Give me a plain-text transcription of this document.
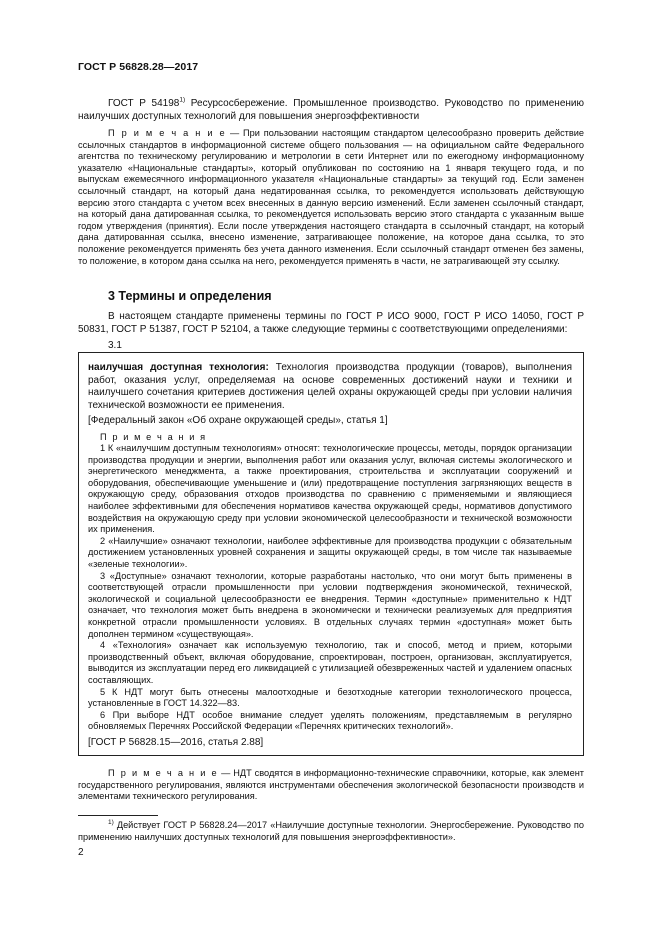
ГОСТ Р 56828.28—2017

ГОСТ Р 54198$^{1)}$ Ресурсосбережение. Промышленное производство. Руководство по применению наилучших доступных технологий для повышения энергоэффективности

П р и м е ч а н и е — При пользовании настоящим стандартом целесообразно проверить действие ссылочных стандартов в информационной системе общего пользования — на официальном сайте Федерального агентства по техническому регулированию и метрологии в сети Интернет или по ежегодному информационному указателю «Национальные стандарты», который опубликован по состоянию на 1 января текущего года, и по выпускам ежемесячного информационного указателя «Национальные стандарты» за текущий год. Если заменен ссылочный стандарт, на который дана недатированная ссылка, то рекомендуется использовать действующую версию этого стандарта с учетом всех внесенных в данную версию изменений. Если заменен ссылочный стандарт, на который дана датированная ссылка, то рекомендуется использовать версию этого стандарта с указанным выше годом утверждения (принятия). Если после утверждения настоящего стандарта в ссылочный стандарт, на который дана датированная ссылка, внесено изменение, затрагивающее положение, на которое дана ссылка, то это положение рекомендуется применять без учета данного изменения. Если ссылочный стандарт отменен без замены, то положение, в котором дана ссылка на него, рекомендуется применять в части, не затрагивающей эту ссылку.

3 Термины и определения

В настоящем стандарте применены термины по ГОСТ Р ИСО 9000, ГОСТ Р ИСО 14050, ГОСТ Р 50831, ГОСТ Р 51387, ГОСТ Р 52104, а также следующие термины с соответствующими определениями:

3.1

наилучшая доступная технология: Технология производства продукции (товаров), выполнения работ, оказания услуг, определяемая на основе современных достижений науки и техники и наилучшего сочетания критериев достижения целей охраны окружающей среды при условии наличия технической возможности ее применения.

[Федеральный закон «Об охране окружающей среды», статья 1]

П р и м е ч а н и я

1 К «наилучшим доступным технологиям» относят: технологические процессы, методы, порядок организации производства продукции и энергии, выполнения работ или оказания услуг, включая системы экологического и энергетического менеджмента, а также проектирования, строительства и эксплуатации сооружений и оборудования, обеспечивающие уменьшение и (или) предотвращение поступления загрязняющих веществ в окружающую среду, образования отходов производства по сравнению с применяемыми и являющиеся наиболее эффективными для обеспечения нормативов качества окружающей среды, нормативов допустимого воздействия на окружающую среду при условии экономической целесообразности и технической возможности их применения.

2 «Наилучшие» означают технологии, наиболее эффективные для производства продукции с обязательным достижением установленных уровней сохранения и защиты окружающей среды, в том числе так называемые «зеленые технологии».

3 «Доступные» означают технологии, которые разработаны настолько, что они могут быть применены в соответствующей отрасли промышленности при условии подтверждения экономической, технической, экологической и социальной целесообразности ее внедрения. Термин «доступные» применительно к НДТ означает, что технология может быть внедрена в экономически и технически реализуемых для предприятия конкретной отрасли промышленности условиях. В отдельных случаях термин «доступная» может быть дополнен термином «существующая».

4 «Технология» означает как используемую технологию, так и способ, метод и прием, которыми производственный объект, включая оборудование, спроектирован, построен, организован, эксплуатируется, выводится из эксплуатации перед его ликвидацией с утилизацией обезвреженных частей и удалением опасных составляющих.

5 К НДТ могут быть отнесены малоотходные и безотходные категории технологического процесса, установленные в ГОСТ 14.322—83.

6 При выборе НДТ особое внимание следует уделять положениям, представляемым в регулярно обновляемых Перечнях Российской Федерации «Перечнях критических технологий».

[ГОСТ Р 56828.15—2016, статья 2.88]

П р и м е ч а н и е — НДТ сводятся в информационно-технические справочники, которые, как элемент государственного регулирования, являются инструментами обеспечения экологической безопасности производств и элементами технического регулирования.

$^{1)}$ Действует ГОСТ Р 56828.24—2017 «Наилучшие доступные технологии. Энергосбережение. Руководство по применению наилучших доступных технологий для повышения энергоэффективности».

2
